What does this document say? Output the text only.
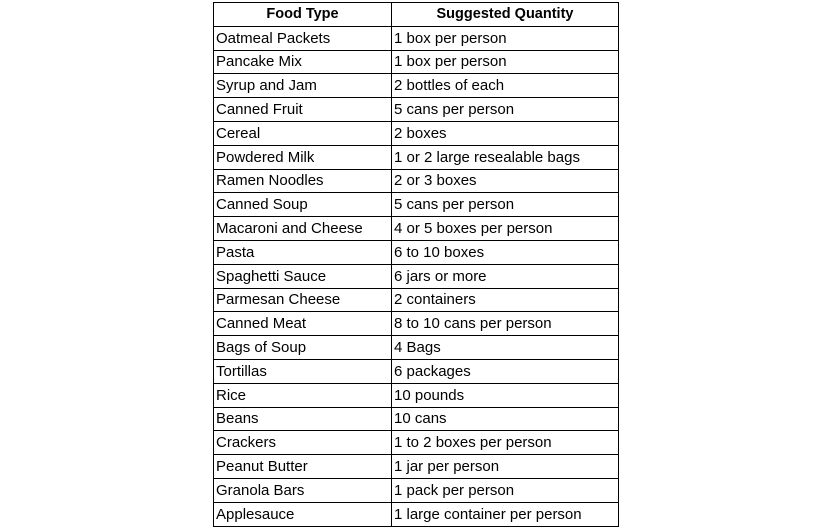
Food Type	Suggested Quantity
Oatmeal Packets	1 box per person
Pancake Mix	1 box per person
Syrup and Jam	2 bottles of each
Canned Fruit	5 cans per person
Cereal	2 boxes
Powdered Milk	1 or 2 large resealable bags
Ramen Noodles	2 or 3 boxes
Canned Soup	5 cans per person
Macaroni and Cheese	4 or 5 boxes per person
Pasta	6 to 10 boxes
Spaghetti Sauce	6 jars or more
Parmesan Cheese	2 containers
Canned Meat	8 to 10 cans per person
Bags of Soup	4 Bags
Tortillas	6 packages
Rice	10 pounds
Beans	10 cans
Crackers	1 to 2 boxes per person
Peanut Butter	1 jar per person
Granola Bars	1 pack per person
Applesauce	1 large container per person
